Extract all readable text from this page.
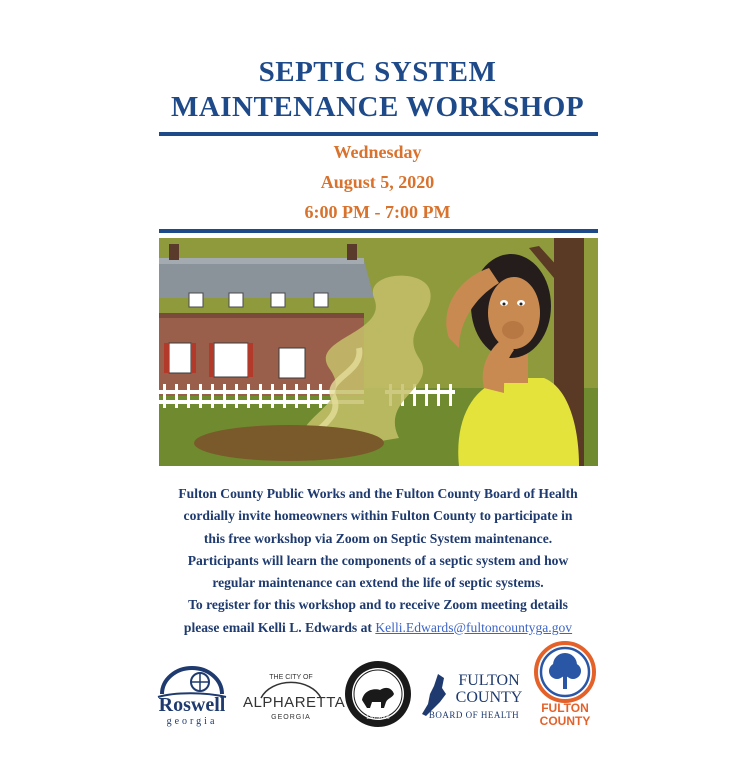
SEPTIC SYSTEM
MAINTENANCE WORKSHOP
Wednesday
August 5, 2020
6:00 PM - 7:00 PM

Fulton County Public Works and the Fulton County Board of Health

cordially invite homeowners within Fulton County to participate in

this free workshop via Zoom on Septic System maintenance.

Participants will learn the components of a septic system and how

regular maintenance can extend the life of septic systems.

To register for this workshop and to receive Zoom meeting details

please email Kelli L. Edwards at Kelli.Edwards@fultoncountyga.gov

Roswell
georgia
THE CITY OF
ALPHARETTA
GEORGIA	EST. 2006
FULTON
COUNTY
BOARD OF HEALTH	FULTON
COUNTY
